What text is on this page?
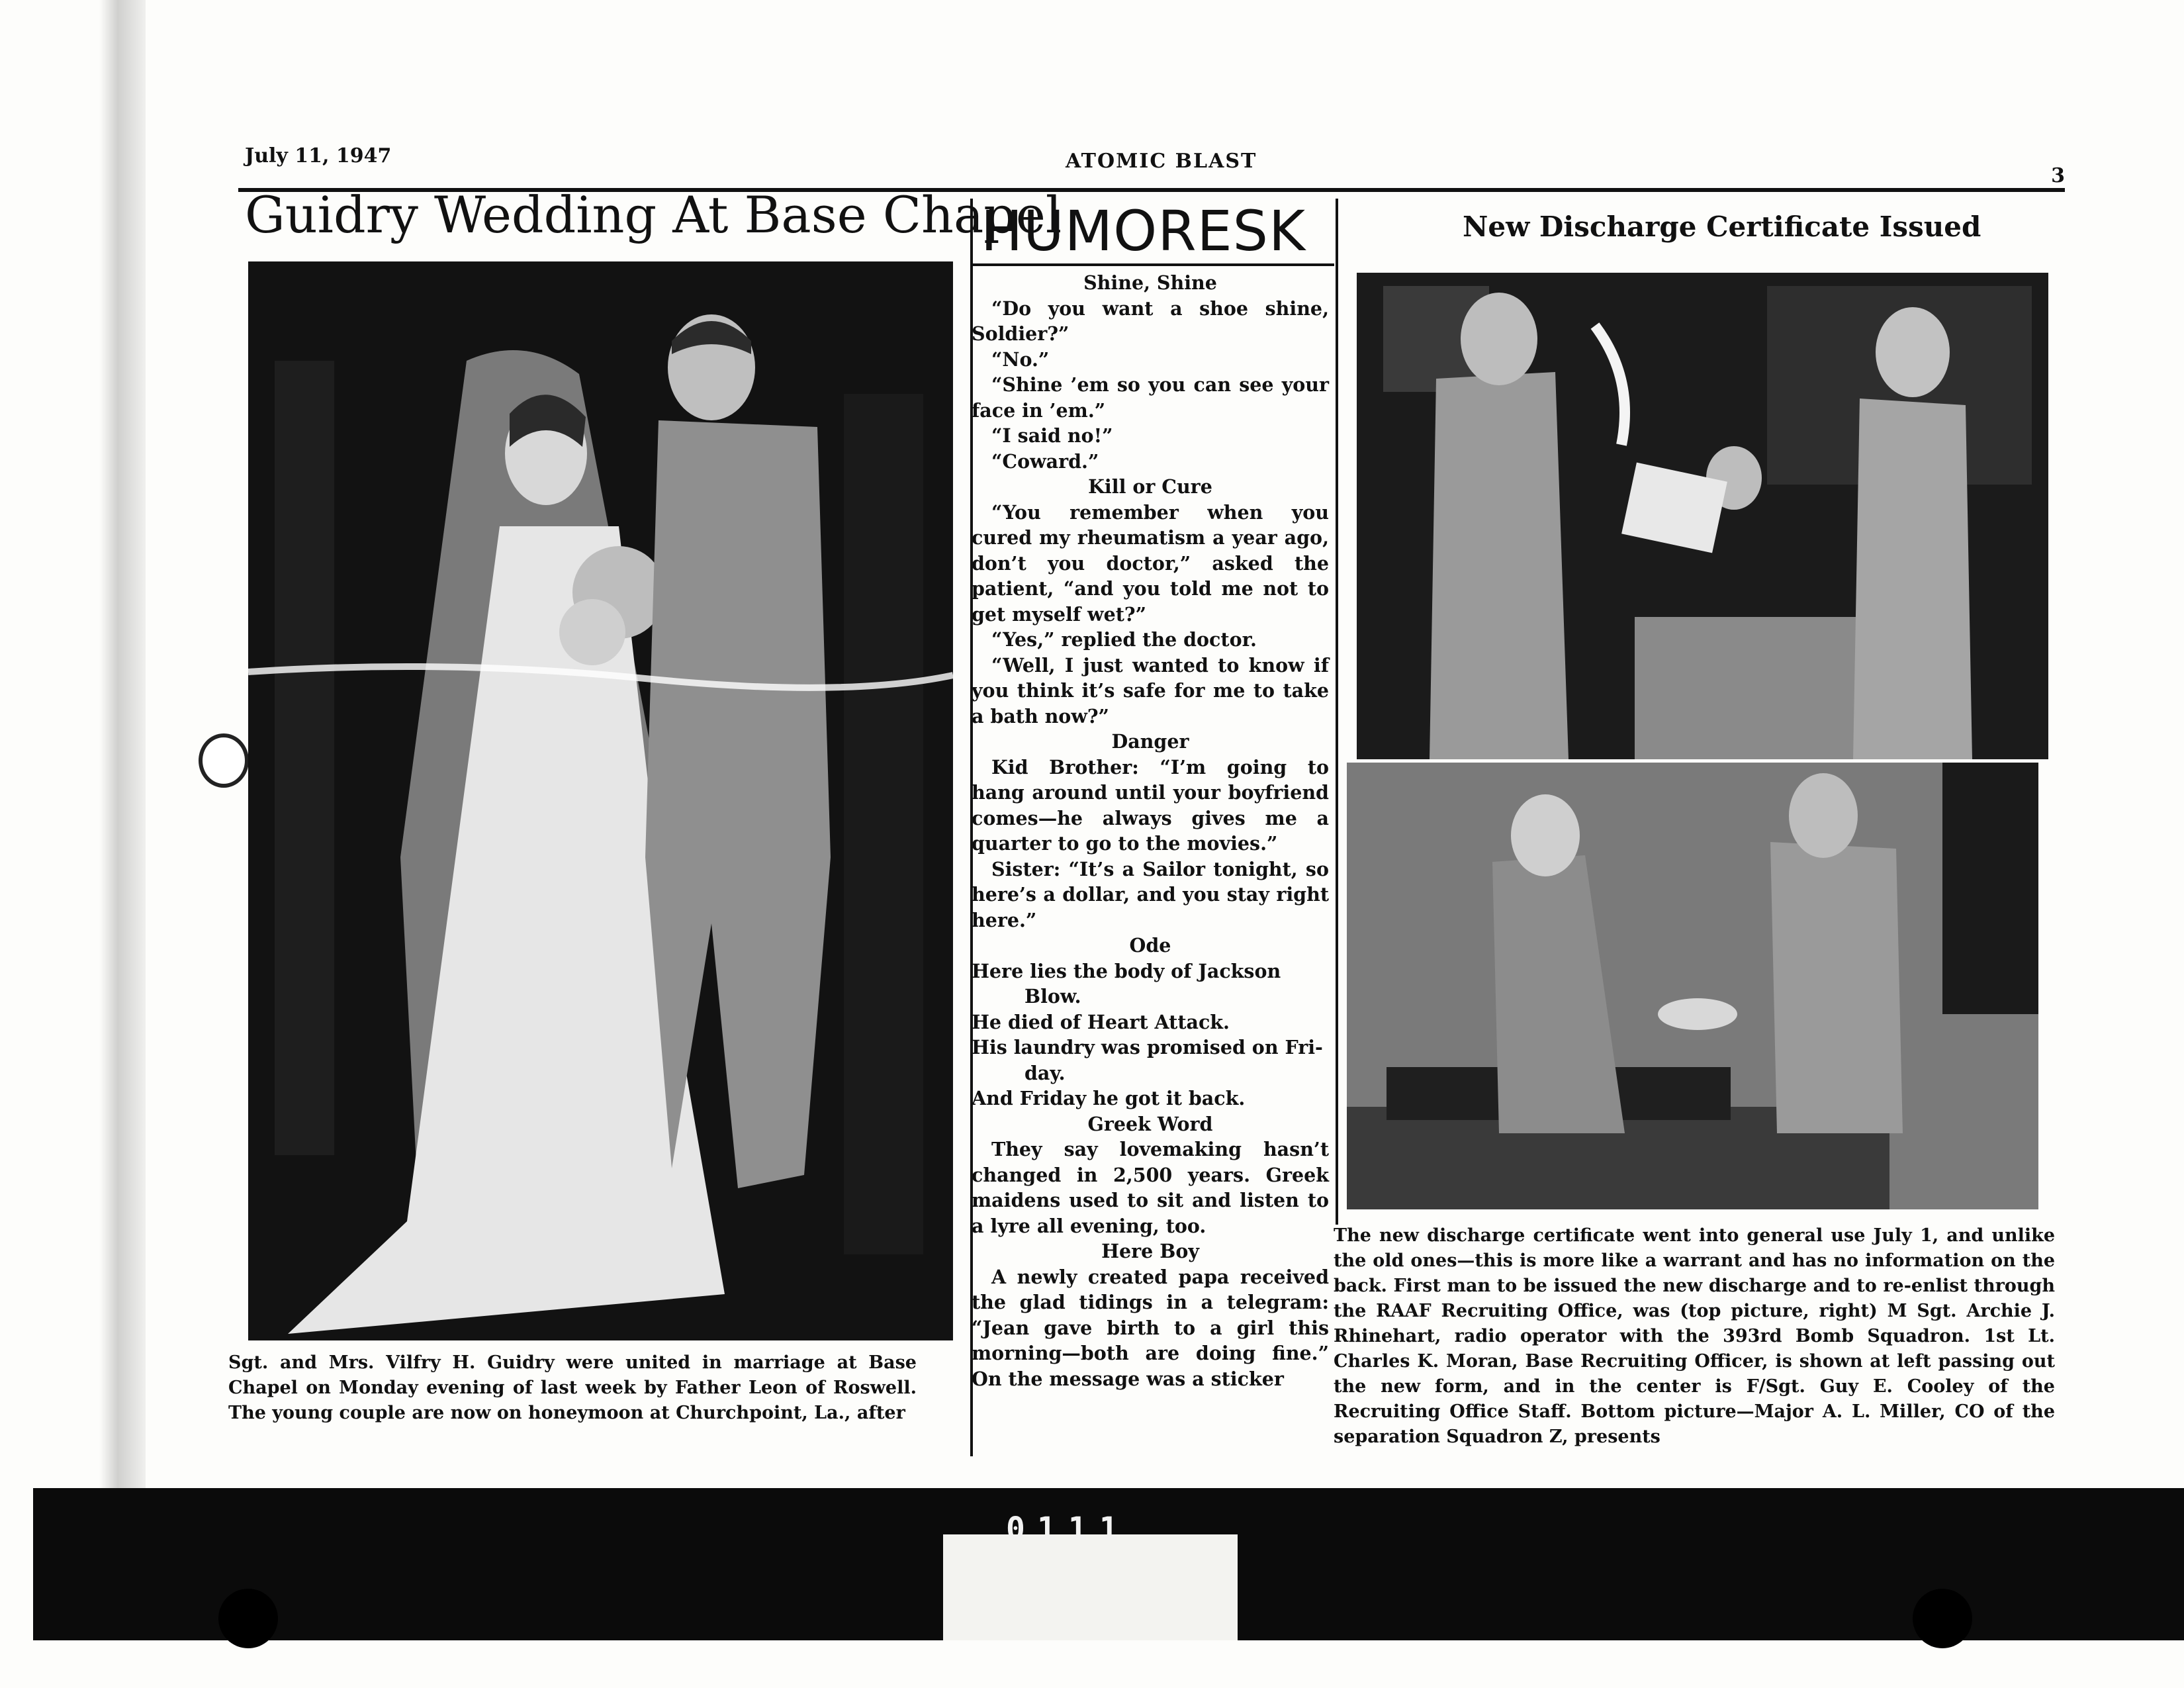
July 11, 1947	ATOMIC BLAST
3
Guidry Wedding At Base Chapel
Sgt. and Mrs. Vilfry H. Guidry were united in marriage at Base Chapel on Monday evening of last week by Father Leon of Roswell. The young couple are now on honeymoon at Churchpoint, La., after
HUMORESK

Shine, Shine

“Do you want a shoe shine, Soldier?”

“No.”

“Shine ’em so you can see your face in ’em.”

“I said no!”

“Coward.”

Kill or Cure

“You remember when you cured my rheumatism a year ago, don’t you doctor,” asked the patient, “and you told me not to get myself wet?”

“Yes,” replied the doctor.

“Well, I just wanted to know if you think it’s safe for me to take a bath now?”

Danger

Kid Brother: “I’m going to hang around until your boyfriend comes—he always gives me a quarter to go to the movies.”

Sister: “It’s a Sailor tonight, so here’s a dollar, and you stay right here.”

Ode

Here lies the body of Jackson

Blow.

He died of Heart Attack.

His laundry was promised on Fri-

day.

And Friday he got it back.

Greek Word

They say lovemaking hasn’t changed in 2,500 years. Greek maidens used to sit and listen to a lyre all evening, too.

Here Boy

A newly created papa received the glad tidings in a telegram: “Jean gave birth to a girl this morning—both are doing fine.” On the message was a sticker

New Discharge Certificate Issued
The new discharge certificate went into general use July 1, and unlike the old ones—this is more like a warrant and has no information on the back. First man to be issued the new discharge and to re-enlist through the RAAF Recruiting Office, was (top picture, right) M Sgt. Archie J. Rhinehart, radio operator with the 393rd Bomb Squadron. 1st Lt. Charles K. Moran, Base Recruiting Officer, is shown at left passing out the new form, and in the center is F/Sgt. Guy E. Cooley of the Recruiting Office Staff. Bottom picture—Major A. L. Miller, CO of the separation Squadron Z, presents
0111
